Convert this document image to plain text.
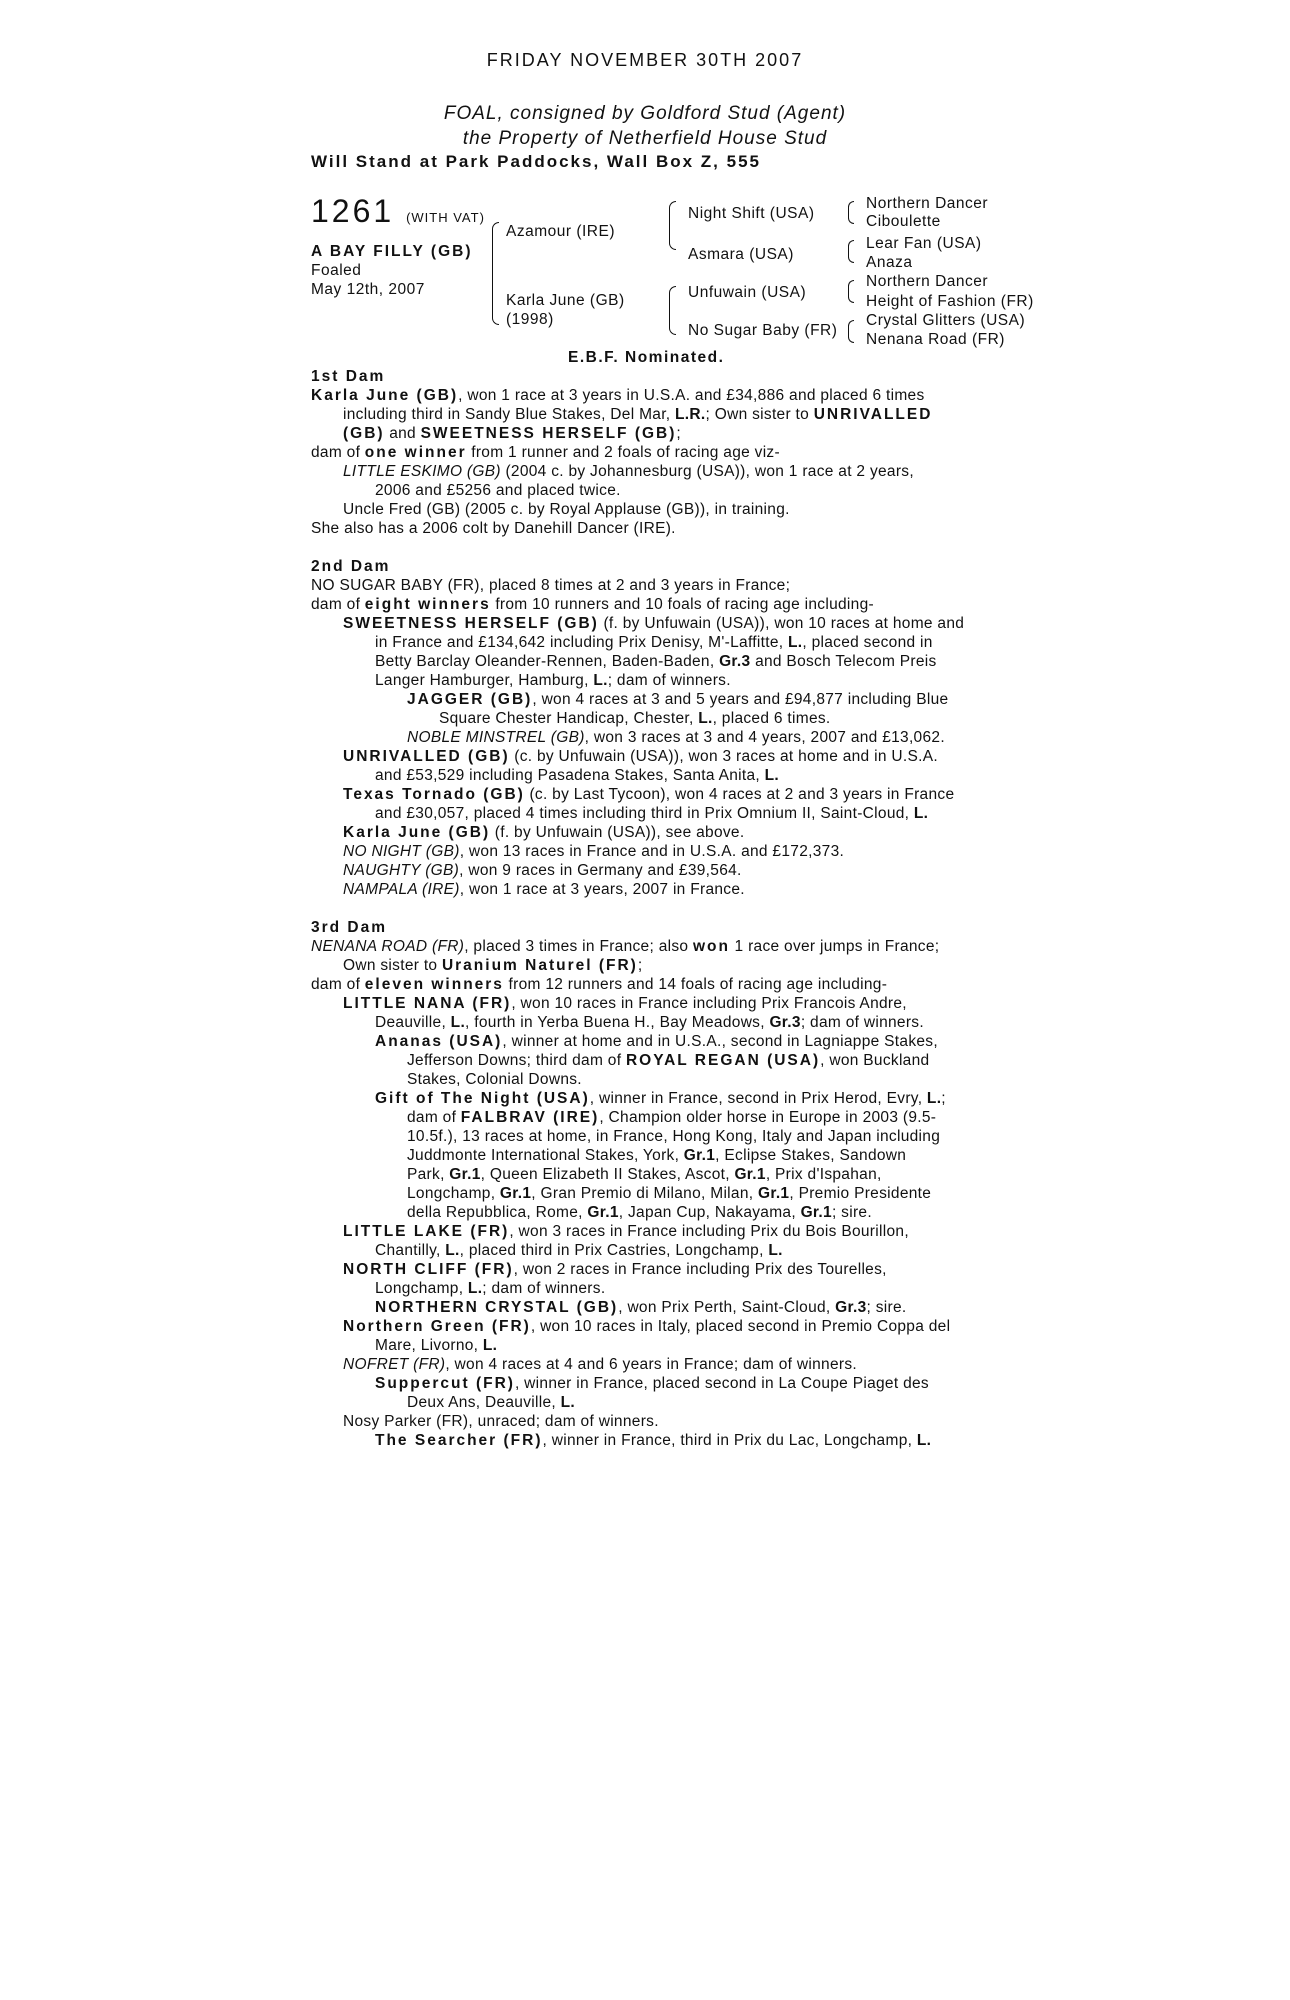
FRIDAY NOVEMBER 30TH 2007
FOAL, consigned by Goldford Stud (Agent)
the Property of Netherfield House Stud
Will Stand at Park Paddocks, Wall Box Z, 555
1261 (WITH VAT)
A BAY FILLY (GB)
Foaled
May 12th, 2007
Azamour (IRE)
Karla June (GB)
(1998)
Night Shift (USA)
Asmara (USA)
Unfuwain (USA)
No Sugar Baby (FR)
Northern Dancer
Ciboulette
Lear Fan (USA)
Anaza
Northern Dancer
Height of Fashion (FR)
Crystal Glitters (USA)
Nenana Road (FR)
E.B.F. Nominated.

1st Dam

Karla June (GB), won 1 race at 3 years in U.S.A. and £34,886 and placed 6 times

including third in Sandy Blue Stakes, Del Mar, L.R.; Own sister to UNRIVALLED

(GB) and SWEETNESS HERSELF (GB);

dam of one winner from 1 runner and 2 foals of racing age viz-

LITTLE ESKIMO (GB) (2004 c. by Johannesburg (USA)), won 1 race at 2 years,

2006 and £5256 and placed twice.

Uncle Fred (GB) (2005 c. by Royal Applause (GB)), in training.

She also has a 2006 colt by Danehill Dancer (IRE).

2nd Dam

NO SUGAR BABY (FR), placed 8 times at 2 and 3 years in France;

dam of eight winners from 10 runners and 10 foals of racing age including-

SWEETNESS HERSELF (GB) (f. by Unfuwain (USA)), won 10 races at home and

in France and £134,642 including Prix Denisy, M'-Laffitte, L., placed second in

Betty Barclay Oleander-Rennen, Baden-Baden, Gr.3 and Bosch Telecom Preis

Langer Hamburger, Hamburg, L.; dam of winners.

JAGGER (GB), won 4 races at 3 and 5 years and £94,877 including Blue

Square Chester Handicap, Chester, L., placed 6 times.

NOBLE MINSTREL (GB), won 3 races at 3 and 4 years, 2007 and £13,062.

UNRIVALLED (GB) (c. by Unfuwain (USA)), won 3 races at home and in U.S.A.

and £53,529 including Pasadena Stakes, Santa Anita, L.

Texas Tornado (GB) (c. by Last Tycoon), won 4 races at 2 and 3 years in France

and £30,057, placed 4 times including third in Prix Omnium II, Saint-Cloud, L.

Karla June (GB) (f. by Unfuwain (USA)), see above.

NO NIGHT (GB), won 13 races in France and in U.S.A. and £172,373.

NAUGHTY (GB), won 9 races in Germany and £39,564.

NAMPALA (IRE), won 1 race at 3 years, 2007 in France.

3rd Dam

NENANA ROAD (FR), placed 3 times in France; also won 1 race over jumps in France;

Own sister to Uranium Naturel (FR);

dam of eleven winners from 12 runners and 14 foals of racing age including-

LITTLE NANA (FR), won 10 races in France including Prix Francois Andre,

Deauville, L., fourth in Yerba Buena H., Bay Meadows, Gr.3; dam of winners.

Ananas (USA), winner at home and in U.S.A., second in Lagniappe Stakes,

Jefferson Downs; third dam of ROYAL REGAN (USA), won Buckland

Stakes, Colonial Downs.

Gift of The Night (USA), winner in France, second in Prix Herod, Evry, L.;

dam of FALBRAV (IRE), Champion older horse in Europe in 2003 (9.5-

10.5f.), 13 races at home, in France, Hong Kong, Italy and Japan including

Juddmonte International Stakes, York, Gr.1, Eclipse Stakes, Sandown

Park, Gr.1, Queen Elizabeth II Stakes, Ascot, Gr.1, Prix d'Ispahan,

Longchamp, Gr.1, Gran Premio di Milano, Milan, Gr.1, Premio Presidente

della Repubblica, Rome, Gr.1, Japan Cup, Nakayama, Gr.1; sire.

LITTLE LAKE (FR), won 3 races in France including Prix du Bois Bourillon,

Chantilly, L., placed third in Prix Castries, Longchamp, L.

NORTH CLIFF (FR), won 2 races in France including Prix des Tourelles,

Longchamp, L.; dam of winners.

NORTHERN CRYSTAL (GB), won Prix Perth, Saint-Cloud, Gr.3; sire.

Northern Green (FR), won 10 races in Italy, placed second in Premio Coppa del

Mare, Livorno, L.

NOFRET (FR), won 4 races at 4 and 6 years in France; dam of winners.

Suppercut (FR), winner in France, placed second in La Coupe Piaget des

Deux Ans, Deauville, L.

Nosy Parker (FR), unraced; dam of winners.

The Searcher (FR), winner in France, third in Prix du Lac, Longchamp, L.
